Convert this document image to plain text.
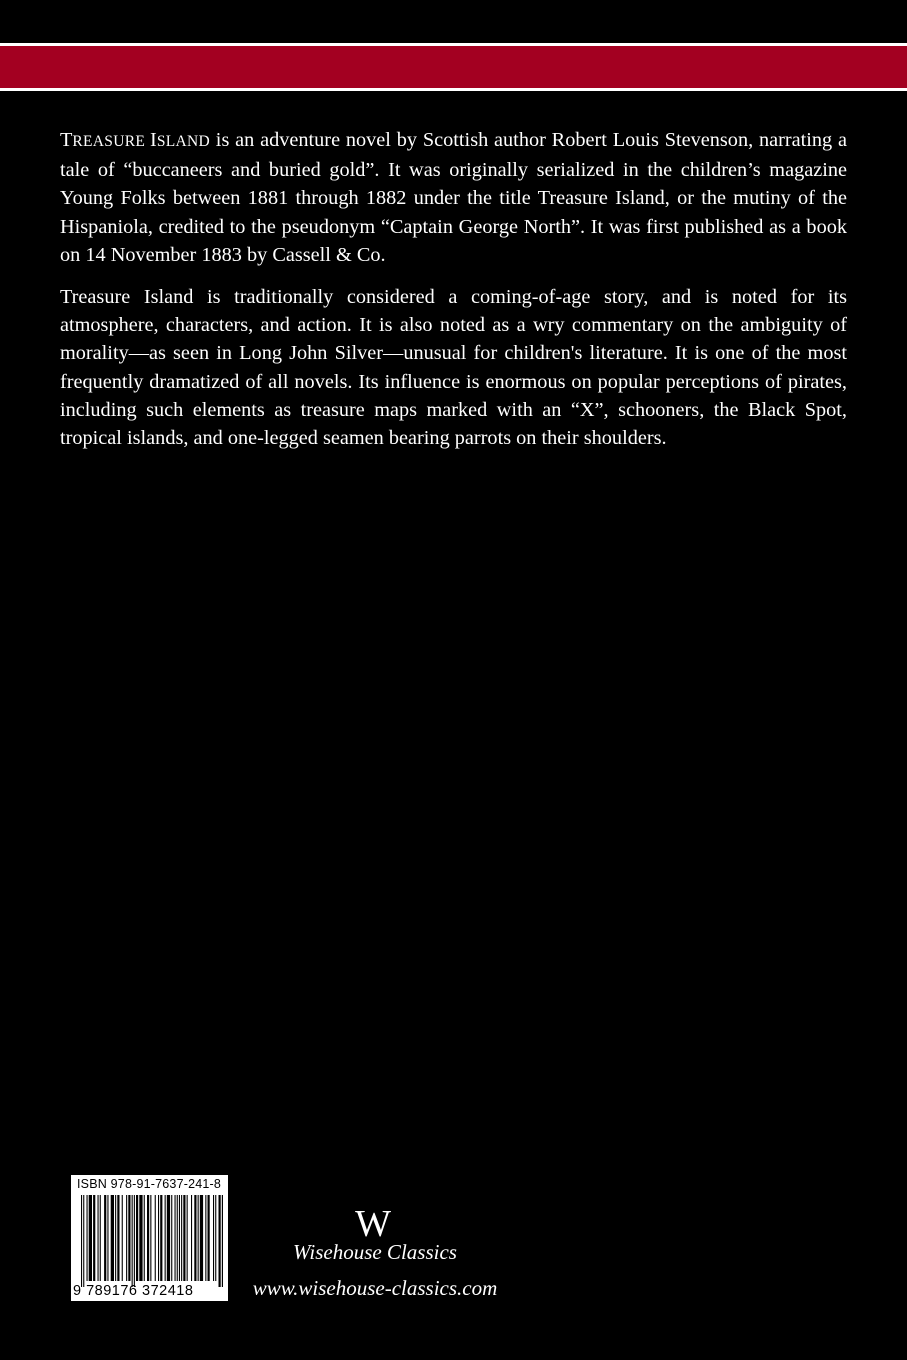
TREASURE ISLAND is an adventure novel by Scottish author Robert Louis Stevenson, narrating a tale of “buccaneers and buried gold”. It was originally serialized in the children’s magazine Young Folks between 1881 through 1882 under the title Treasure Island, or the mutiny of the Hispaniola, credited to the pseudonym “Captain George North”. It was first published as a book on 14 November 1883 by Cassell & Co.

Treasure Island is traditionally considered a coming-of-age story, and is noted for its atmosphere, characters, and action. It is also noted as a wry commentary on the ambiguity of morality—as seen in Long John Silver—unusual for children's literature. It is one of the most frequently dramatized of all novels. Its influence is enormous on popular perceptions of pirates, including such elements as treasure maps marked with an “X”, schooners, the Black Spot, tropical islands, and one-legged seamen bearing parrots on their shoulders.

ISBN 978-91-7637-241-8
9 789176 372418
W
Wisehouse Classics
www.wisehouse-classics.com
